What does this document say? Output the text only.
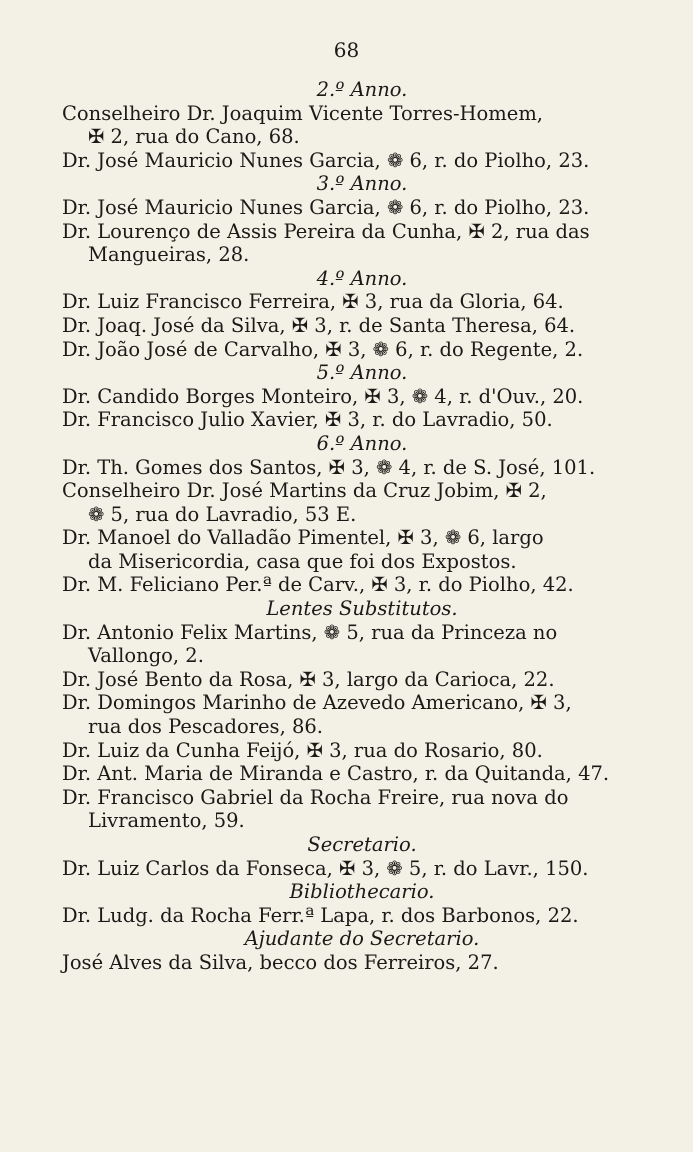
68
2.º Anno.
Conselheiro Dr. Joaquim Vicente Torres-Homem,
✠ 2, rua do Cano, 68.
Dr. José Mauricio Nunes Garcia, ❁ 6, r. do Piolho, 23.
3.º Anno.
Dr. José Mauricio Nunes Garcia, ❁ 6, r. do Piolho, 23.
Dr. Lourenço de Assis Pereira da Cunha, ✠ 2, rua das
Mangueiras, 28.
4.º Anno.
Dr. Luiz Francisco Ferreira, ✠ 3, rua da Gloria, 64.
Dr. Joaq. José da Silva, ✠ 3, r. de Santa Theresa, 64.
Dr. João José de Carvalho, ✠ 3, ❁ 6, r. do Regente, 2.
5.º Anno.
Dr. Candido Borges Monteiro, ✠ 3, ❁ 4, r. d'Ouv., 20.
Dr. Francisco Julio Xavier, ✠ 3, r. do Lavradio, 50.
6.º Anno.
Dr. Th. Gomes dos Santos, ✠ 3, ❁ 4, r. de S. José, 101.
Conselheiro Dr. José Martins da Cruz Jobim, ✠ 2,
❁ 5, rua do Lavradio, 53 E.
Dr. Manoel do Valladão Pimentel, ✠ 3, ❁ 6, largo
da Misericordia, casa que foi dos Expostos.
Dr. M. Feliciano Per.ª de Carv., ✠ 3, r. do Piolho, 42.
Lentes Substitutos.
Dr. Antonio Felix Martins, ❁ 5, rua da Princeza no
Vallongo, 2.
Dr. José Bento da Rosa, ✠ 3, largo da Carioca, 22.
Dr. Domingos Marinho de Azevedo Americano, ✠ 3,
rua dos Pescadores, 86.
Dr. Luiz da Cunha Feijó, ✠ 3, rua do Rosario, 80.
Dr. Ant. Maria de Miranda e Castro, r. da Quitanda, 47.
Dr. Francisco Gabriel da Rocha Freire, rua nova do
Livramento, 59.
Secretario.
Dr. Luiz Carlos da Fonseca, ✠ 3, ❁ 5, r. do Lavr., 150.
Bibliothecario.
Dr. Ludg. da Rocha Ferr.ª Lapa, r. dos Barbonos, 22.
Ajudante do Secretario.
José Alves da Silva, becco dos Ferreiros, 27.
